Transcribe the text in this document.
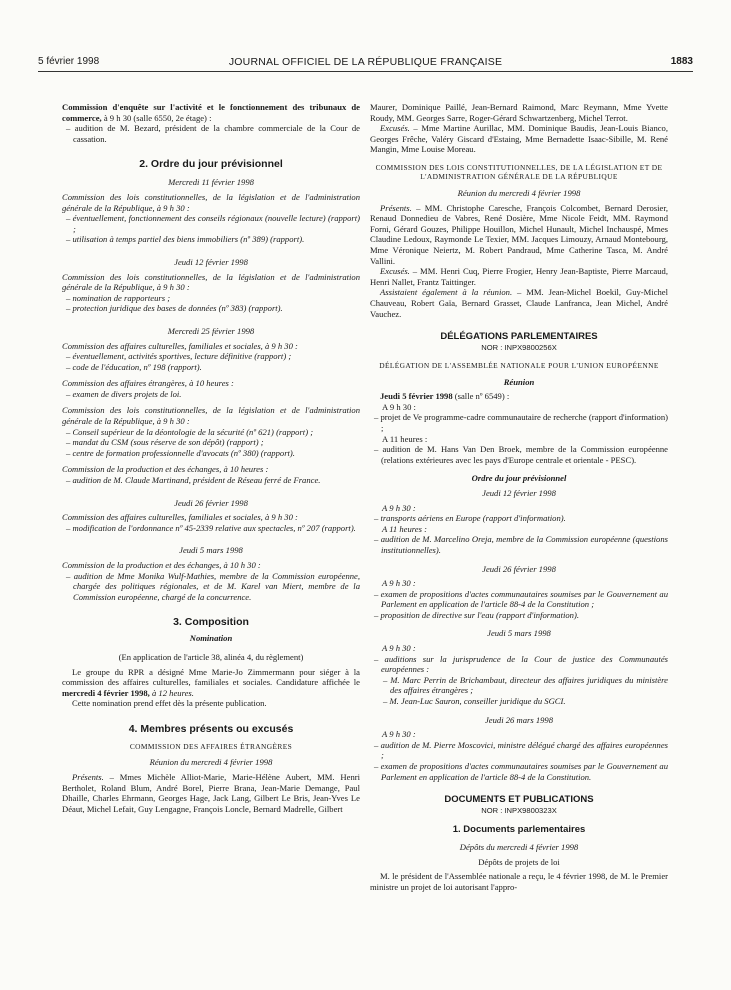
5 février 1998	JOURNAL OFFICIEL DE LA RÉPUBLIQUE FRANÇAISE	1883

Commission d'enquête sur l'activité et le fonctionnement des tribunaux de commerce, à 9 h 30 (salle 6550, 2e étage) :

– audition de M. Bezard, président de la chambre commerciale de la Cour de cassation.

2. Ordre du jour prévisionnel

Mercredi 11 février 1998

Commission des lois constitutionnelles, de la législation et de l'administration générale de la République, à 9 h 30 :

– éventuellement, fonctionnement des conseils régionaux (nouvelle lecture) (rapport) ;

– utilisation à temps partiel des biens immobiliers (nº 389) (rapport).

Jeudi 12 février 1998

Commission des lois constitutionnelles, de la législation et de l'administration générale de la République, à 9 h 30 :

– nomination de rapporteurs ;

– protection juridique des bases de données (nº 383) (rapport).

Mercredi 25 février 1998

Commission des affaires culturelles, familiales et sociales, à 9 h 30 :

– éventuellement, activités sportives, lecture définitive (rapport) ;

– code de l'éducation, nº 198 (rapport).

Commission des affaires étrangères, à 10 heures :

– examen de divers projets de loi.

Commission des lois constitutionnelles, de la législation et de l'administration générale de la République, à 9 h 30 :

– Conseil supérieur de la déontologie de la sécurité (nº 621) (rapport) ;

– mandat du CSM (sous réserve de son dépôt) (rapport) ;

– centre de formation professionnelle d'avocats (nº 380) (rapport).

Commission de la production et des échanges, à 10 heures :

– audition de M. Claude Martinand, président de Réseau ferré de France.

Jeudi 26 février 1998

Commission des affaires culturelles, familiales et sociales, à 9 h 30 :

– modification de l'ordonnance nº 45-2339 relative aux spectacles, nº 207 (rapport).

Jeudi 5 mars 1998

Commission de la production et des échanges, à 10 h 30 :

– audition de Mme Monika Wulf-Mathies, membre de la Commission européenne, chargée des politiques régionales, et de M. Karel van Miert, membre de la Commission européenne, chargé de la concurrence.

3. Composition

Nomination

(En application de l'article 38, alinéa 4, du règlement)

Le groupe du RPR a désigné Mme Marie-Jo Zimmermann pour siéger à la commission des affaires culturelles, familiales et sociales. Candidature affichée le mercredi 4 février 1998, à 12 heures.

Cette nomination prend effet dès la présente publication.

4. Membres présents ou excusés

COMMISSION DES AFFAIRES ÉTRANGÈRES

Réunion du mercredi 4 février 1998

Présents. – Mmes Michèle Alliot-Marie, Marie-Hélène Aubert, MM. Henri Bertholet, Roland Blum, André Borel, Pierre Brana, Jean-Marie Demange, Paul Dhaille, Charles Ehrmann, Georges Hage, Jack Lang, Gilbert Le Bris, Jean-Yves Le Déaut, Michel Lefait, Guy Lengagne, François Loncle, Bernard Madrelle, Gilbert

Maurer, Dominique Paillé, Jean-Bernard Raimond, Marc Reymann, Mme Yvette Roudy, MM. Georges Sarre, Roger-Gérard Schwartzenberg, Michel Terrot.

Excusés. – Mme Martine Aurillac, MM. Dominique Baudis, Jean-Louis Bianco, Georges Frêche, Valéry Giscard d'Estaing, Mme Bernadette Isaac-Sibille, M. René Mangin, Mme Louise Moreau.

COMMISSION DES LOIS CONSTITUTIONNELLES, DE LA LÉGISLATION ET DE L'ADMINISTRATION GÉNÉRALE DE LA RÉPUBLIQUE

Réunion du mercredi 4 février 1998

Présents. – MM. Christophe Caresche, François Colcombet, Bernard Derosier, Renaud Donnedieu de Vabres, René Dosière, Mme Nicole Feidt, MM. Raymond Forni, Gérard Gouzes, Philippe Houillon, Michel Hunault, Michel Inchauspé, Mmes Claudine Ledoux, Raymonde Le Texier, MM. Jacques Limouzy, Arnaud Montebourg, Mme Véronique Neiertz, M. Robert Pandraud, Mme Catherine Tasca, M. André Vallini.

Excusés. – MM. Henri Cuq, Pierre Frogier, Henry Jean-Baptiste, Pierre Marcaud, Henri Nallet, Frantz Taittinger.

Assistaient également à la réunion. – MM. Jean-Michel Boekil, Guy-Michel Chauveau, Robert Gaïa, Bernard Grasset, Claude Lanfranca, Jean Michel, André Vauchez.

DÉLÉGATIONS PARLEMENTAIRES

NOR : INPX9800256X

DÉLÉGATION DE L'ASSEMBLÉE NATIONALE POUR L'UNION EUROPÉENNE

Réunion

Jeudi 5 février 1998 (salle nº 6549) :

A 9 h 30 :

– projet de Ve programme-cadre communautaire de recherche (rapport d'information) ;

A 11 heures :

– audition de M. Hans Van Den Broek, membre de la Commission européenne (relations extérieures avec les pays d'Europe centrale et orientale - PESC).

Ordre du jour prévisionnel

Jeudi 12 février 1998

A 9 h 30 :

– transports aériens en Europe (rapport d'information).

A 11 heures :

– audition de M. Marcelino Oreja, membre de la Commission européenne (questions institutionnelles).

Jeudi 26 février 1998

A 9 h 30 :

– examen de propositions d'actes communautaires soumises par le Gouvernement au Parlement en application de l'article 88-4 de la Constitution ;

– proposition de directive sur l'eau (rapport d'information).

Jeudi 5 mars 1998

A 9 h 30 :

– auditions sur la jurisprudence de la Cour de justice des Communautés européennes :

– M. Marc Perrin de Brichambaut, directeur des affaires juridiques du ministère des affaires étrangères ;

– M. Jean-Luc Sauron, conseiller juridique du SGCI.

Jeudi 26 mars 1998

A 9 h 30 :

– audition de M. Pierre Moscovici, ministre délégué chargé des affaires européennes ;

– examen de propositions d'actes communautaires soumises par le Gouvernement au Parlement en application de l'article 88-4 de la Constitution.

DOCUMENTS ET PUBLICATIONS

NOR : INPX9800323X

1. Documents parlementaires

Dépôts du mercredi 4 février 1998

Dépôts de projets de loi

M. le président de l'Assemblée nationale a reçu, le 4 février 1998, de M. le Premier ministre un projet de loi autorisant l'appro-
